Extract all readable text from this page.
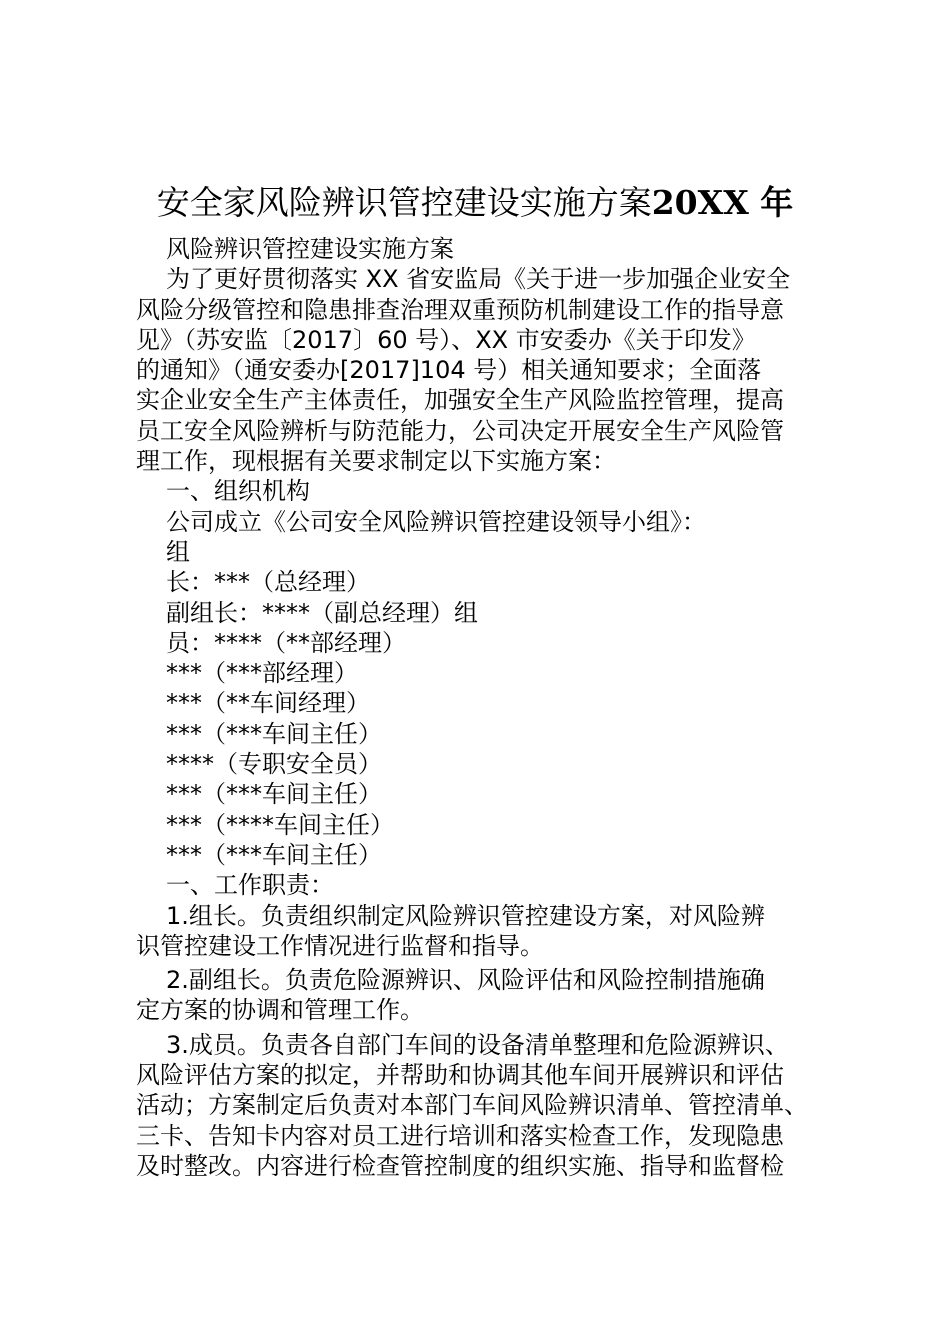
安全家风险辨识管控建设实施方案20XX 年
风险辨识管控建设实施方案
为了更好贯彻落实 XX 省安监局《关于进一步加强企业安全
风险分级管控和隐患排查治理双重预防机制建设工作的指导意
见》（苏安监〔2017〕60 号）、XX 市安委办《关于印发》
的通知》（通安委办[2017]104 号）相关通知要求；全面落
实企业安全生产主体责任，加强安全生产风险监控管理，提高
员工安全风险辨析与防范能力，公司决定开展安全生产风险管
理工作，现根据有关要求制定以下实施方案：
一、组织机构
公司成立《公司安全风险辨识管控建设领导小组》：
组
长：***（总经理）
副组长：****（副总经理）组
员：****（**部经理）
***（***部经理）
***（**车间经理）
***（***车间主任）
****（专职安全员）
***（***车间主任）
***（****车间主任）
***（***车间主任）
一、工作职责：
1.组长。负责组织制定风险辨识管控建设方案，对风险辨
识管控建设工作情况进行监督和指导。
2.副组长。负责危险源辨识、风险评估和风险控制措施确
定方案的协调和管理工作。
3.成员。负责各自部门车间的设备清单整理和危险源辨识、
风险评估方案的拟定，并帮助和协调其他车间开展辨识和评估
活动；方案制定后负责对本部门车间风险辨识清单、管控清单、
三卡、告知卡内容对员工进行培训和落实检查工作，发现隐患
及时整改。内容进行检查管控制度的组织实施、指导和监督检
